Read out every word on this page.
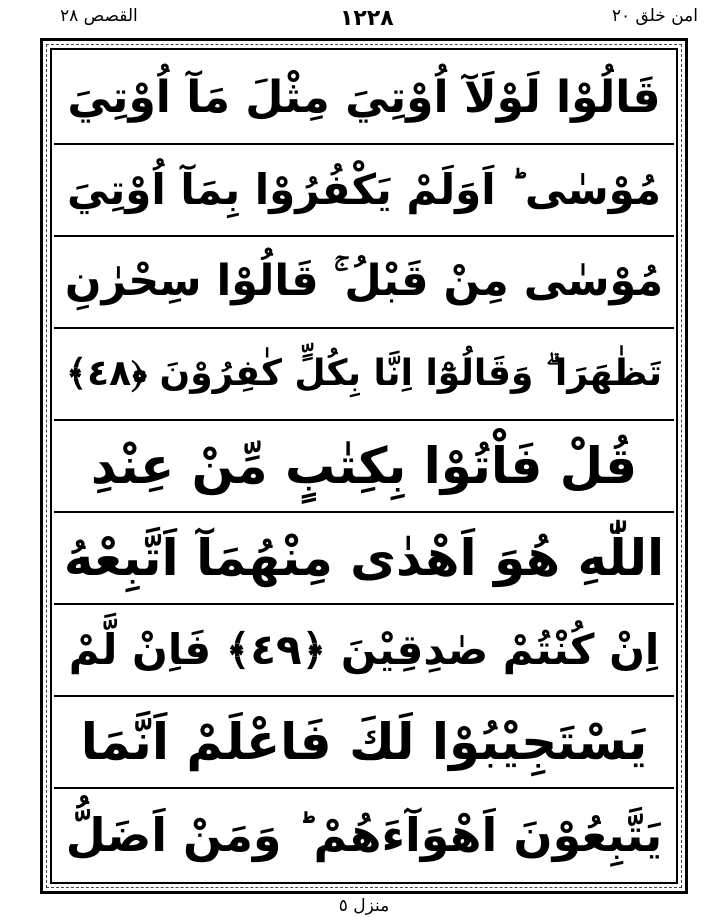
القصص ٢٨	١٢٢٨	امن خلق ٢٠
قَالُوْا لَوْلَآ اُوْتِيَ مِثْلَ مَآ اُوْتِيَ
مُوْسٰى ؕ اَوَلَمْ يَكْفُرُوْا بِمَآ اُوْتِيَ
مُوْسٰى مِنْ قَبْلُ ۚ قَالُوْا سِحْرٰنِ
تَظٰهَرَا ۗ وَقَالُوْٓا اِنَّا بِكُلٍّ كٰفِرُوْنَ ﴿٤٨﴾
قُلْ فَاْتُوْا بِكِتٰبٍ مِّنْ عِنْدِ
اللّٰهِ هُوَ اَهْدٰى مِنْهُمَآ اَتَّبِعْهُ
اِنْ كُنْتُمْ صٰدِقِيْنَ ﴿٤٩﴾ فَاِنْ لَّمْ
يَسْتَجِيْبُوْا لَكَ فَاعْلَمْ اَنَّمَا
يَتَّبِعُوْنَ اَهْوَآءَهُمْ ؕ وَمَنْ اَضَلُّ
منزل ٥
